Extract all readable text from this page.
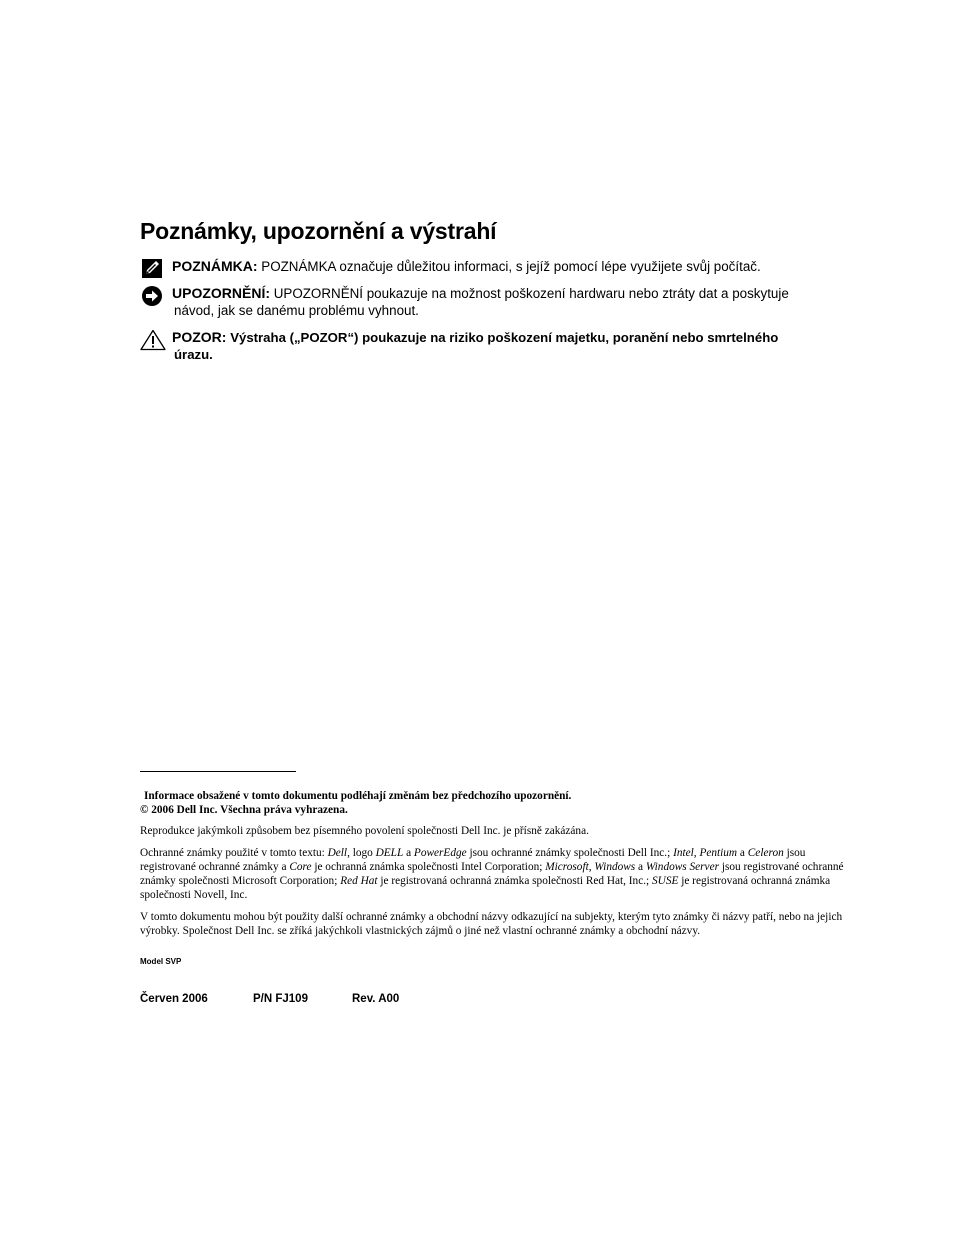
Poznámky, upozornění a výstrahí
POZNÁMKA: POZNÁMKA označuje důležitou informaci, s jejíž pomocí lépe využijete svůj počítač.
UPOZORNĚNÍ: UPOZORNĚNÍ poukazuje na možnost poškození hardwaru nebo ztráty dat a poskytuje
návod, jak se danému problému vyhnout.
POZOR: Výstraha („POZOR“) poukazuje na riziko poškození majetku, poranění nebo smrtelného
úrazu.

Informace obsažené v tomto dokumentu podléhají změnám bez předchozího upozornění.
© 2006 Dell Inc. Všechna práva vyhrazena.

Reprodukce jakýmkoli způsobem bez písemného povolení společnosti Dell Inc. je přísně zakázána.

Ochranné známky použité v tomto textu: Dell, logo DELL a PowerEdge jsou ochranné známky společnosti Dell Inc.; Intel, Pentium a Celeron jsou registrované ochranné známky a Core je ochranná známka společnosti Intel Corporation; Microsoft, Windows a Windows Server jsou registrované ochranné známky společnosti Microsoft Corporation; Red Hat je registrovaná ochranná známka společnosti Red Hat, Inc.; SUSE je registrovaná ochranná známka společnosti Novell, Inc.

V tomto dokumentu mohou být použity další ochranné známky a obchodní názvy odkazující na subjekty, kterým tyto známky či názvy patří, nebo na jejich výrobky. Společnost Dell Inc. se zříká jakýchkoli vlastnických zájmů o jiné než vlastní ochranné známky a obchodní názvy.

Model SVP
Červen 2006	P/N FJ109	Rev. A00
